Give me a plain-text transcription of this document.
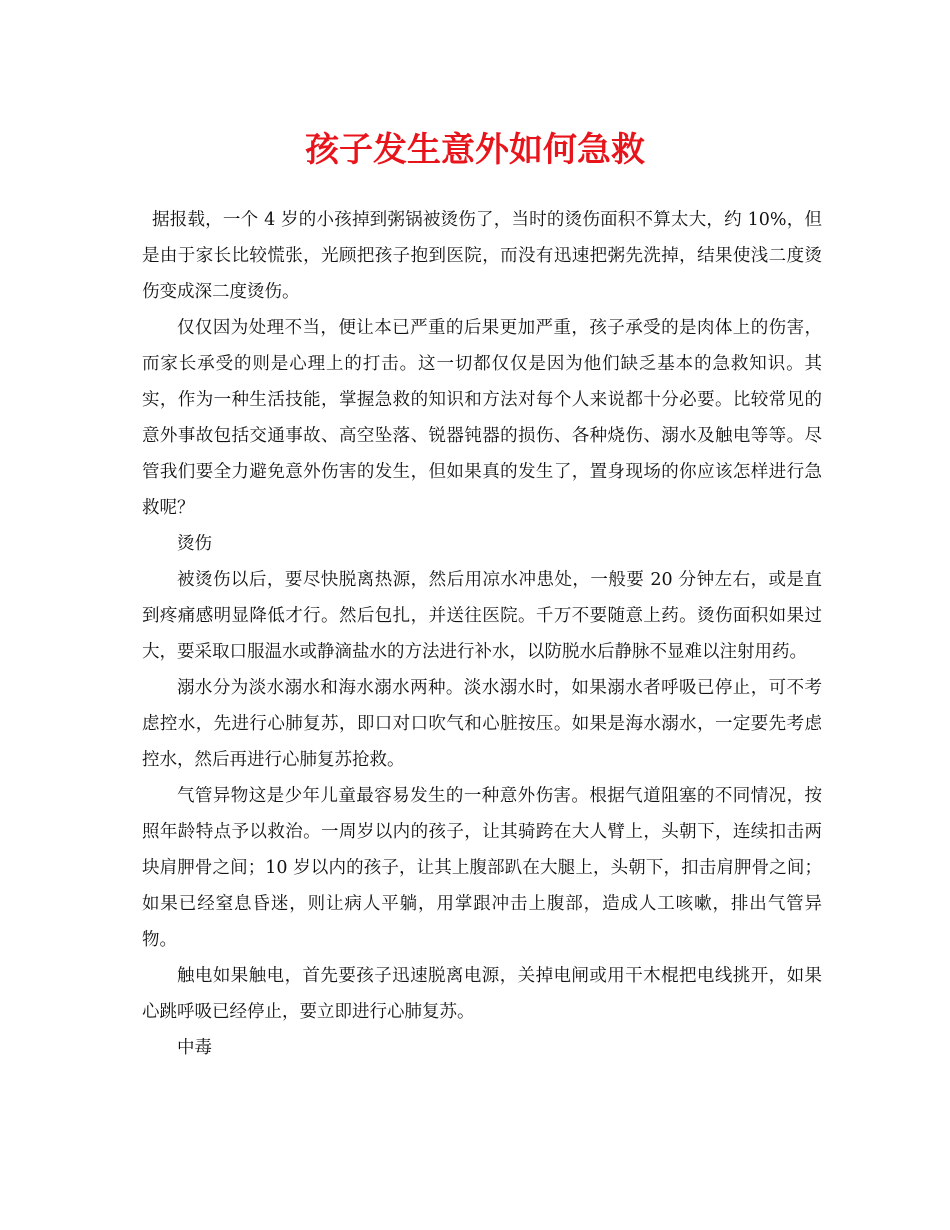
孩子发生意外如何急救

据报载，一个 4 岁的小孩掉到粥锅被烫伤了，当时的烫伤面积不算太大，约 10%，但是由于家长比较慌张，光顾把孩子抱到医院，而没有迅速把粥先洗掉，结果使浅二度烫伤变成深二度烫伤。

仅仅因为处理不当，便让本已严重的后果更加严重，孩子承受的是肉体上的伤害，而家长承受的则是心理上的打击。这一切都仅仅是因为他们缺乏基本的急救知识。其实，作为一种生活技能，掌握急救的知识和方法对每个人来说都十分必要。比较常见的意外事故包括交通事故、高空坠落、锐器钝器的损伤、各种烧伤、溺水及触电等等。尽管我们要全力避免意外伤害的发生，但如果真的发生了，置身现场的你应该怎样进行急救呢？

烫伤

被烫伤以后，要尽快脱离热源，然后用凉水冲患处，一般要 20 分钟左右，或是直到疼痛感明显降低才行。然后包扎，并送往医院。千万不要随意上药。烫伤面积如果过大，要采取口服温水或静滴盐水的方法进行补水，以防脱水后静脉不显难以注射用药。

溺水分为淡水溺水和海水溺水两种。淡水溺水时，如果溺水者呼吸已停止，可不考虑控水，先进行心肺复苏，即口对口吹气和心脏按压。如果是海水溺水，一定要先考虑控水，然后再进行心肺复苏抢救。

气管异物这是少年儿童最容易发生的一种意外伤害。根据气道阻塞的不同情况，按照年龄特点予以救治。一周岁以内的孩子，让其骑跨在大人臂上，头朝下，连续扣击两块肩胛骨之间；10 岁以内的孩子，让其上腹部趴在大腿上，头朝下，扣击肩胛骨之间；如果已经窒息昏迷，则让病人平躺，用掌跟冲击上腹部，造成人工咳嗽，排出气管异物。

触电如果触电，首先要孩子迅速脱离电源，关掉电闸或用干木棍把电线挑开，如果心跳呼吸已经停止，要立即进行心肺复苏。

中毒
